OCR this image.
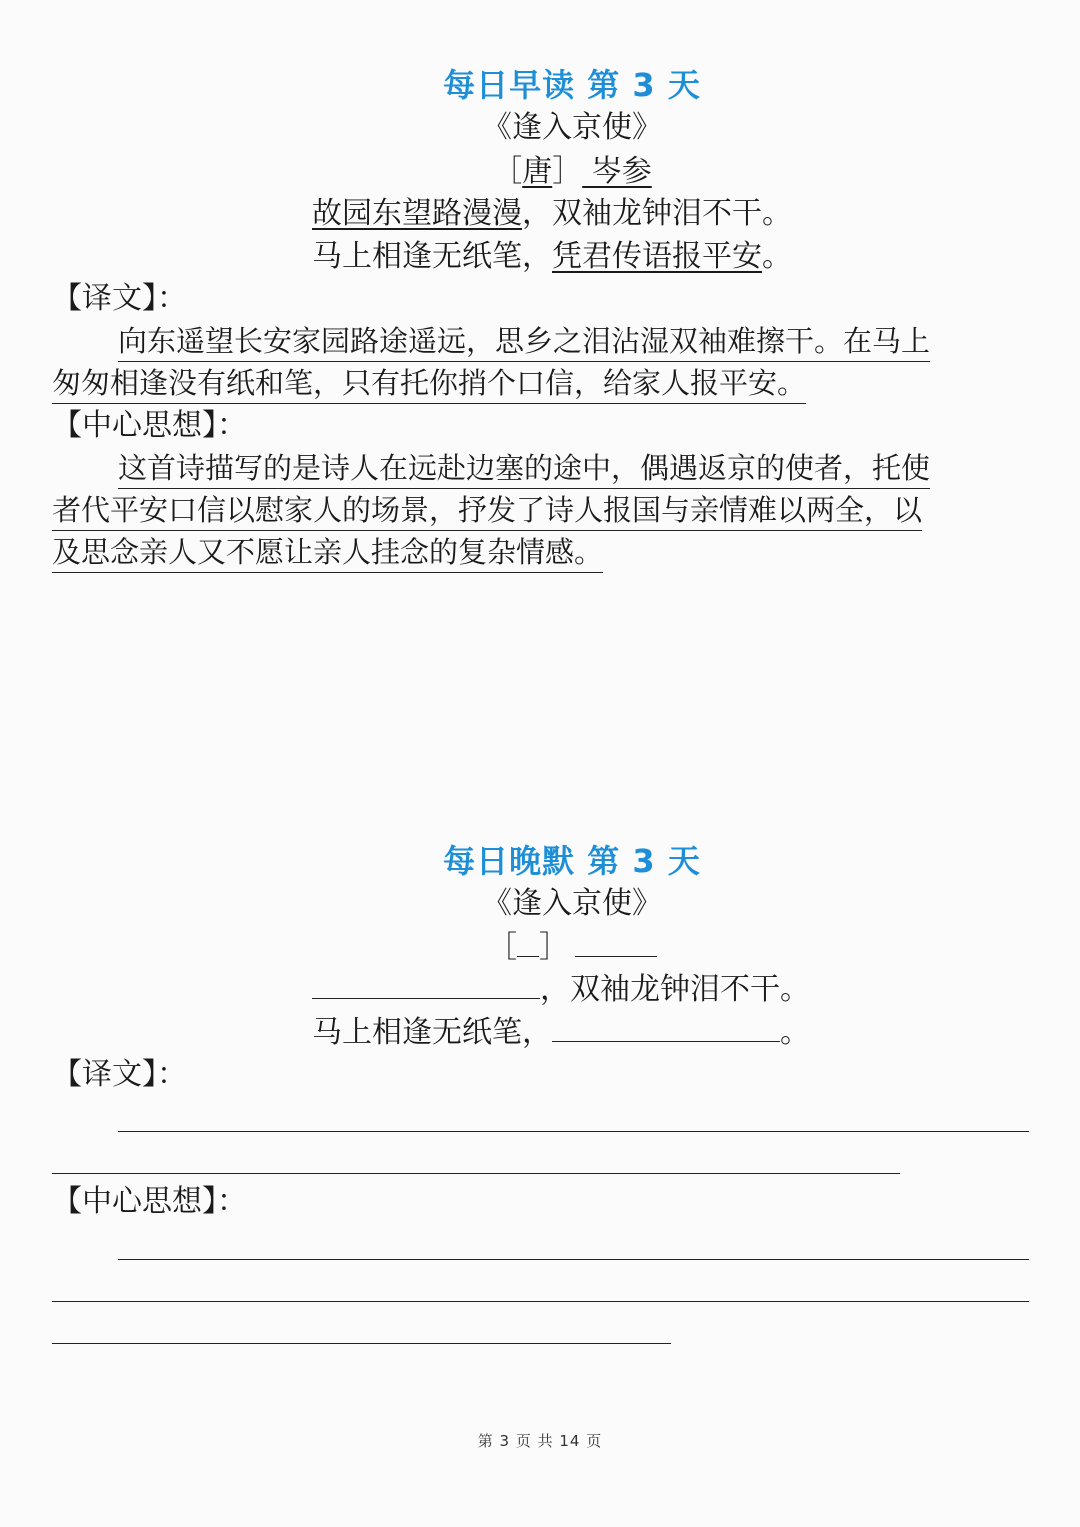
每日早读 第 3 天
《逢入京使》
［唐］ 岑参
故园东望路漫漫，双袖龙钟泪不干。
马上相逢无纸笔，凭君传语报平安。
【译文】：
向东遥望长安家园路途遥远，思乡之泪沾湿双袖难擦干。在马上
匆匆相逢没有纸和笔，只有托你捎个口信，给家人报平安。
【中心思想】：
这首诗描写的是诗人在远赴边塞的途中，偶遇返京的使者，托使
者代平安口信以慰家人的场景，抒发了诗人报国与亲情难以两全，以
及思念亲人又不愿让亲人挂念的复杂情感。
每日晚默 第 3 天
《逢入京使》
［ ］
，双袖龙钟泪不干。
马上相逢无纸笔，	。
【译文】：
【中心思想】：
第 3 页 共 14 页
